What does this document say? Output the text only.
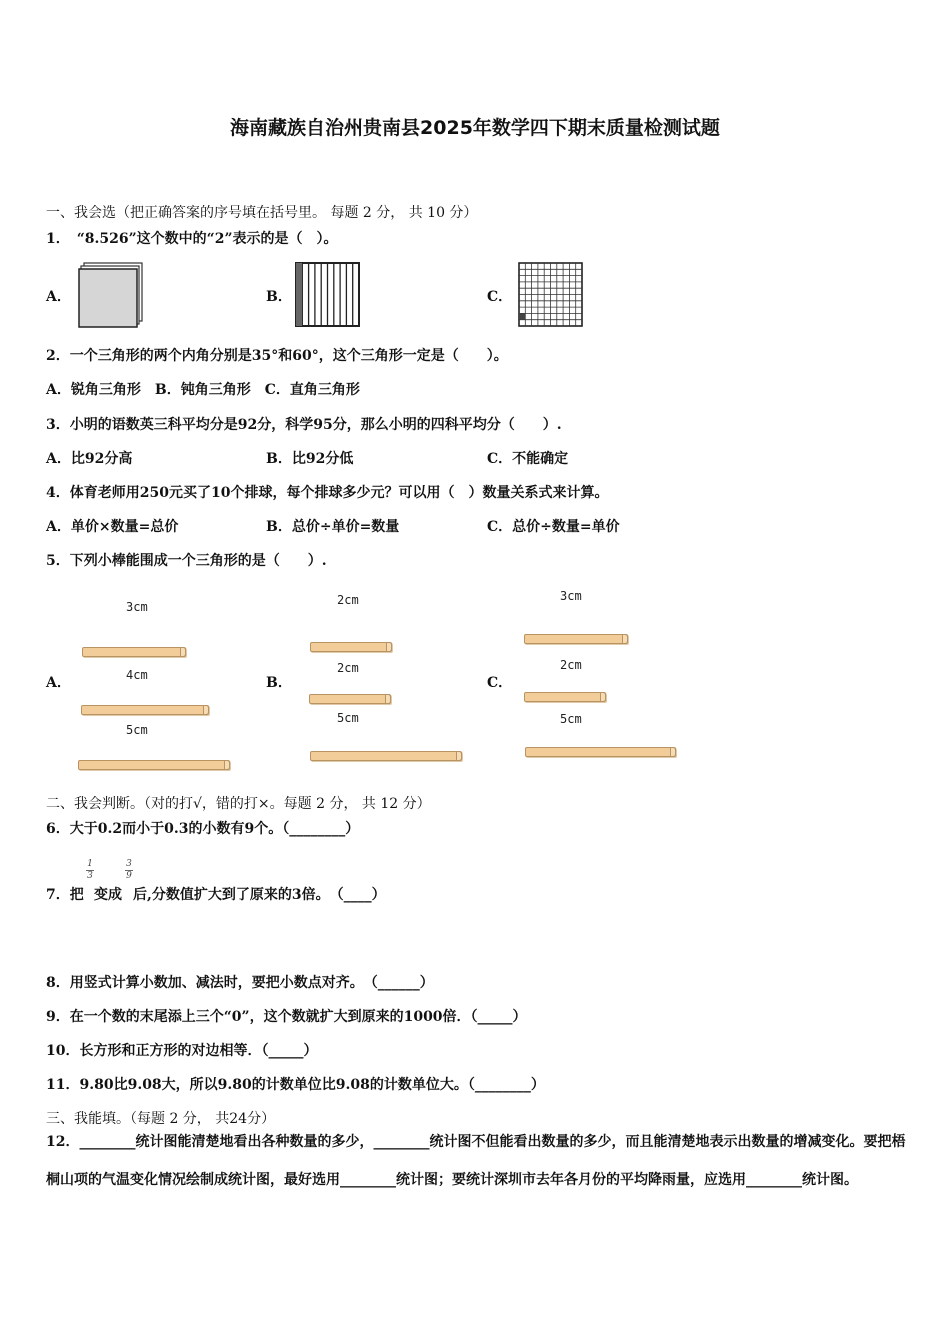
海南藏族自治州贵南县2025年数学四下期末质量检测试题
一、我会选（把正确答案的序号填在括号里。 每题 2 分， 共 10 分）
1．　“8.526”这个数中的“2”表示的是（　）。
A．	B．	C．
2．一个三角形的两个内角分别是35°和60°，这个三角形一定是（　　）。
A．锐角三角形　B．钝角三角形　C．直角三角形
3．小明的语数英三科平均分是92分，科学95分，那么小明的四科平均分（　　）.
A．比92分高	B．比92分低	C．不能确定
4．体育老师用250元买了10个排球，每个排球多少元？可以用（　）数量关系式来计算。
A．单价×数量=总价	B．总价÷单价=数量	C．总价÷数量=单价
5．下列小棒能围成一个三角形的是（　　）.
A．
3cm
4cm
5cm
B．
2cm
2cm
5cm
C．
3cm
2cm
5cm
二、我会判断。（对的打√，错的打×。每题 2 分， 共 12 分）
6．大于0.2而小于0.3的小数有9个。（________）
7．把
1
3
变成
3
9
后,分数值扩大到了原来的3倍。　（____）
8．用竖式计算小数加、减法时，要把小数点对齐。　（______）
9．在一个数的末尾添上三个“0”，这个数就扩大到原来的1000倍．（_____）
10．长方形和正方形的对边相等．（_____）
11．9.80比9.08大，所以9.80的计数单位比9.08的计数单位大。（________）
三、我能填。（每题 2 分， 共24分）
12．________统计图能清楚地看出各种数量的多少，________统计图不但能看出数量的多少，而且能清楚地表示出数量的增减变化。要把梧桐山项的气温变化情况绘制成统计图，最好选用________统计图；要统计深圳市去年各月份的平均降雨量，应选用________统计图。
